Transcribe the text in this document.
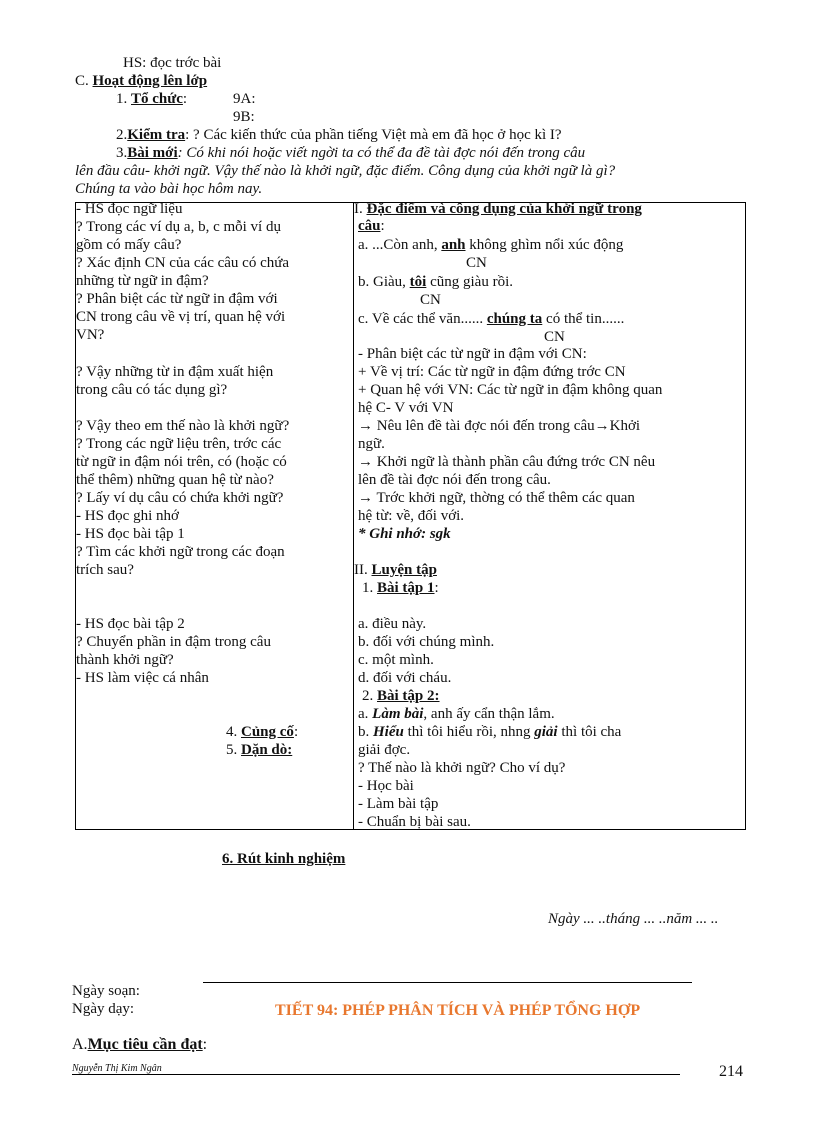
HS: đọc trớc bài
C. Hoạt động lên lớp
1. Tổ chức:	9A:
9B:
2.Kiểm tra: ? Các kiến thức của phần tiếng Việt mà em đã học ở học kì I?
3.Bài mới: Có khi nói hoặc viết ngời ta có thể đa đề tài đợc nói đến trong câu
lên đầu câu- khởi ngữ. Vậy thế nào là khởi ngữ, đặc điểm. Công dụng của khởi ngữ là gì?
Chúng ta vào bài học hôm nay.
- HS đọc ngữ liệu
? Trong các ví dụ a, b, c mỗi ví dụ
gồm có mấy câu?
? Xác định CN của các câu có chứa
những từ ngữ in đậm?
? Phân biệt các từ ngữ in đậm với
CN trong câu về vị trí, quan hệ với
VN?
? Vậy những từ in đậm xuất hiện
trong câu có tác dụng gì?
? Vậy theo em thế nào là khởi ngữ?
? Trong các ngữ liệu trên, trớc các
từ ngữ in đậm nói trên, có (hoặc có
thể thêm) những quan hệ từ nào?
? Lấy ví dụ câu có chứa khởi ngữ?
- HS đọc ghi nhớ
- HS đọc bài tập 1
? Tìm các khởi ngữ trong các đoạn
trích sau?
- HS đọc bài tập 2
? Chuyển phần in đậm trong câu
thành khởi ngữ?
- HS làm việc cá nhân
4. Củng cố:
5. Dặn dò:

I. Đặc điểm và công dụng của khởi ngữ trong
câu:
a. ...Còn anh, anh không ghìm nổi xúc động
CN
b. Giàu, tôi cũng giàu rồi.
CN
c. Về các thể văn...... chúng ta có thể tin......
CN
- Phân biệt các từ ngữ in đậm với CN:
+ Về vị trí: Các từ ngữ in đậm đứng trớc CN
+ Quan hệ với VN: Các từ ngữ in đậm không quan
hệ C- V với VN
→ Nêu lên đề tài đợc nói đến trong câu→Khởi
ngữ.
→ Khởi ngữ là thành phần câu đứng trớc CN nêu
lên đề tài đợc nói đến trong câu.
→ Trớc khởi ngữ, thờng có thể thêm các quan
hệ từ: về, đối với.
* Ghi nhớ: sgk
II. Luyện tập
1. Bài tập 1:
a. điều này.
b. đối với chúng mình.
c. một mình.
d. đối với cháu.
2. Bài tập 2:
a. Làm bài, anh ấy cẩn thận lắm.
b. Hiểu thì tôi hiểu rồi, nhng giải thì tôi cha
giải đợc.
? Thế nào là khởi ngữ? Cho ví dụ?
- Học bài
- Làm bài tập
- Chuẩn bị bài sau.
6. Rút kinh nghiệm
Ngày ... ..tháng ... ..năm ... ..
Ngày soạn:
Ngày dạy:	TIẾT 94: PHÉP PHÂN TÍCH VÀ PHÉP TỔNG HỢP
A.Mục tiêu cần đạt:
Nguyễn Thị Kim Ngân	214
